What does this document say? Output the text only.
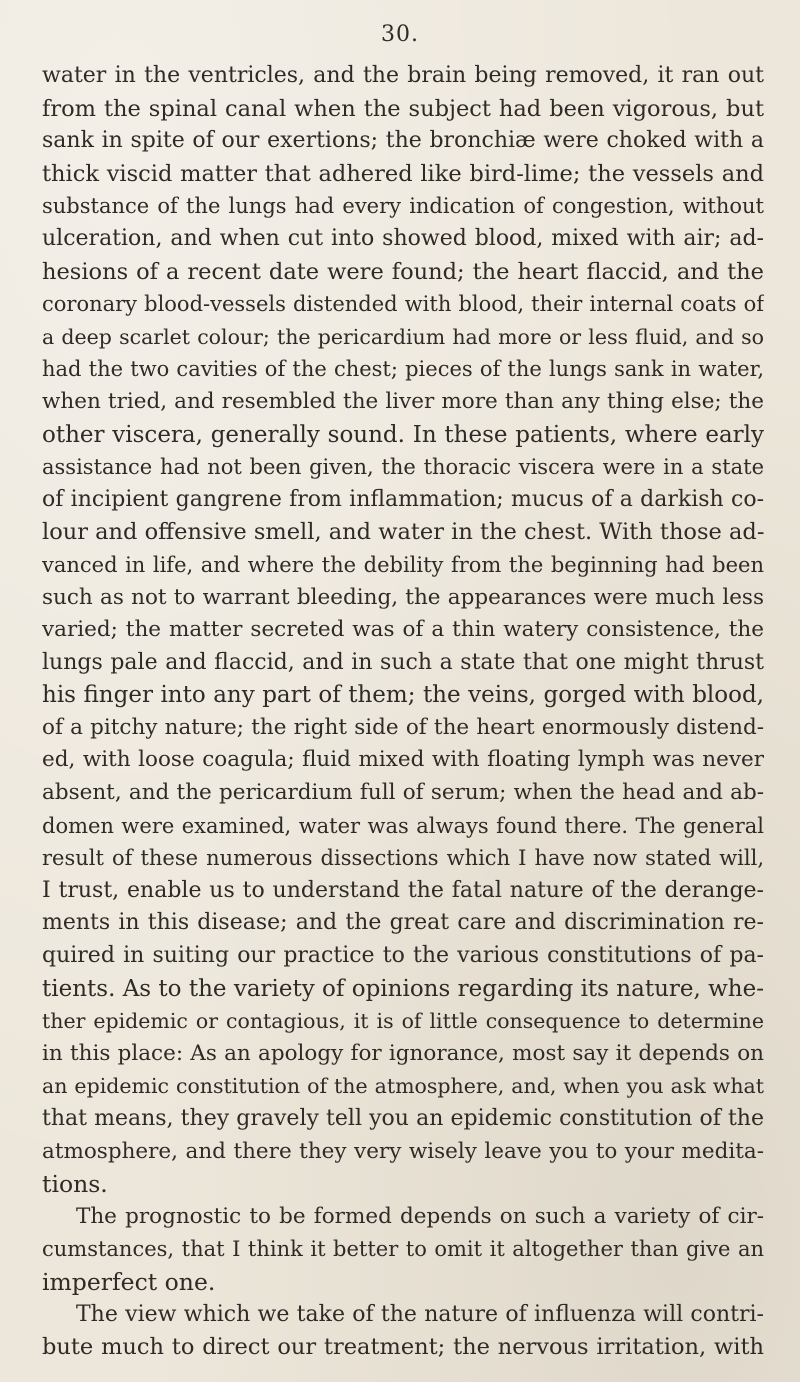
30.
water in the ventricles, and the brain being removed, it ran out
from the spinal canal when the subject had been vigorous, but
sank in spite of our exertions; the bronchiæ were choked with a
thick viscid matter that adhered like bird-lime; the vessels and
substance of the lungs had every indication of congestion, without
ulceration, and when cut into showed blood, mixed with air; ad-
hesions of a recent date were found; the heart flaccid, and the
coronary blood-vessels distended with blood, their internal coats of
a deep scarlet colour; the pericardium had more or less fluid, and so
had the two cavities of the chest; pieces of the lungs sank in water,
when tried, and resembled the liver more than any thing else; the
other viscera, generally sound. In these patients, where early
assistance had not been given, the thoracic viscera were in a state
of incipient gangrene from inflammation; mucus of a darkish co-
lour and offensive smell, and water in the chest. With those ad-
vanced in life, and where the debility from the beginning had been
such as not to warrant bleeding, the appearances were much less
varied; the matter secreted was of a thin watery consistence, the
lungs pale and flaccid, and in such a state that one might thrust
his finger into any part of them; the veins, gorged with blood,
of a pitchy nature; the right side of the heart enormously distend-
ed, with loose coagula; fluid mixed with floating lymph was never
absent, and the pericardium full of serum; when the head and ab-
domen were examined, water was always found there. The general
result of these numerous dissections which I have now stated will,
I trust, enable us to understand the fatal nature of the derange-
ments in this disease; and the great care and discrimination re-
quired in suiting our practice to the various constitutions of pa-
tients. As to the variety of opinions regarding its nature, whe-
ther epidemic or contagious, it is of little consequence to determine
in this place: As an apology for ignorance, most say it depends on
an epidemic constitution of the atmosphere, and, when you ask what
that means, they gravely tell you an epidemic constitution of the
atmosphere, and there they very wisely leave you to your medita-
tions.
The prognostic to be formed depends on such a variety of cir-
cumstances, that I think it better to omit it altogether than give an
imperfect one.
The view which we take of the nature of influenza will contri-
bute much to direct our treatment; the nervous irritation, with
